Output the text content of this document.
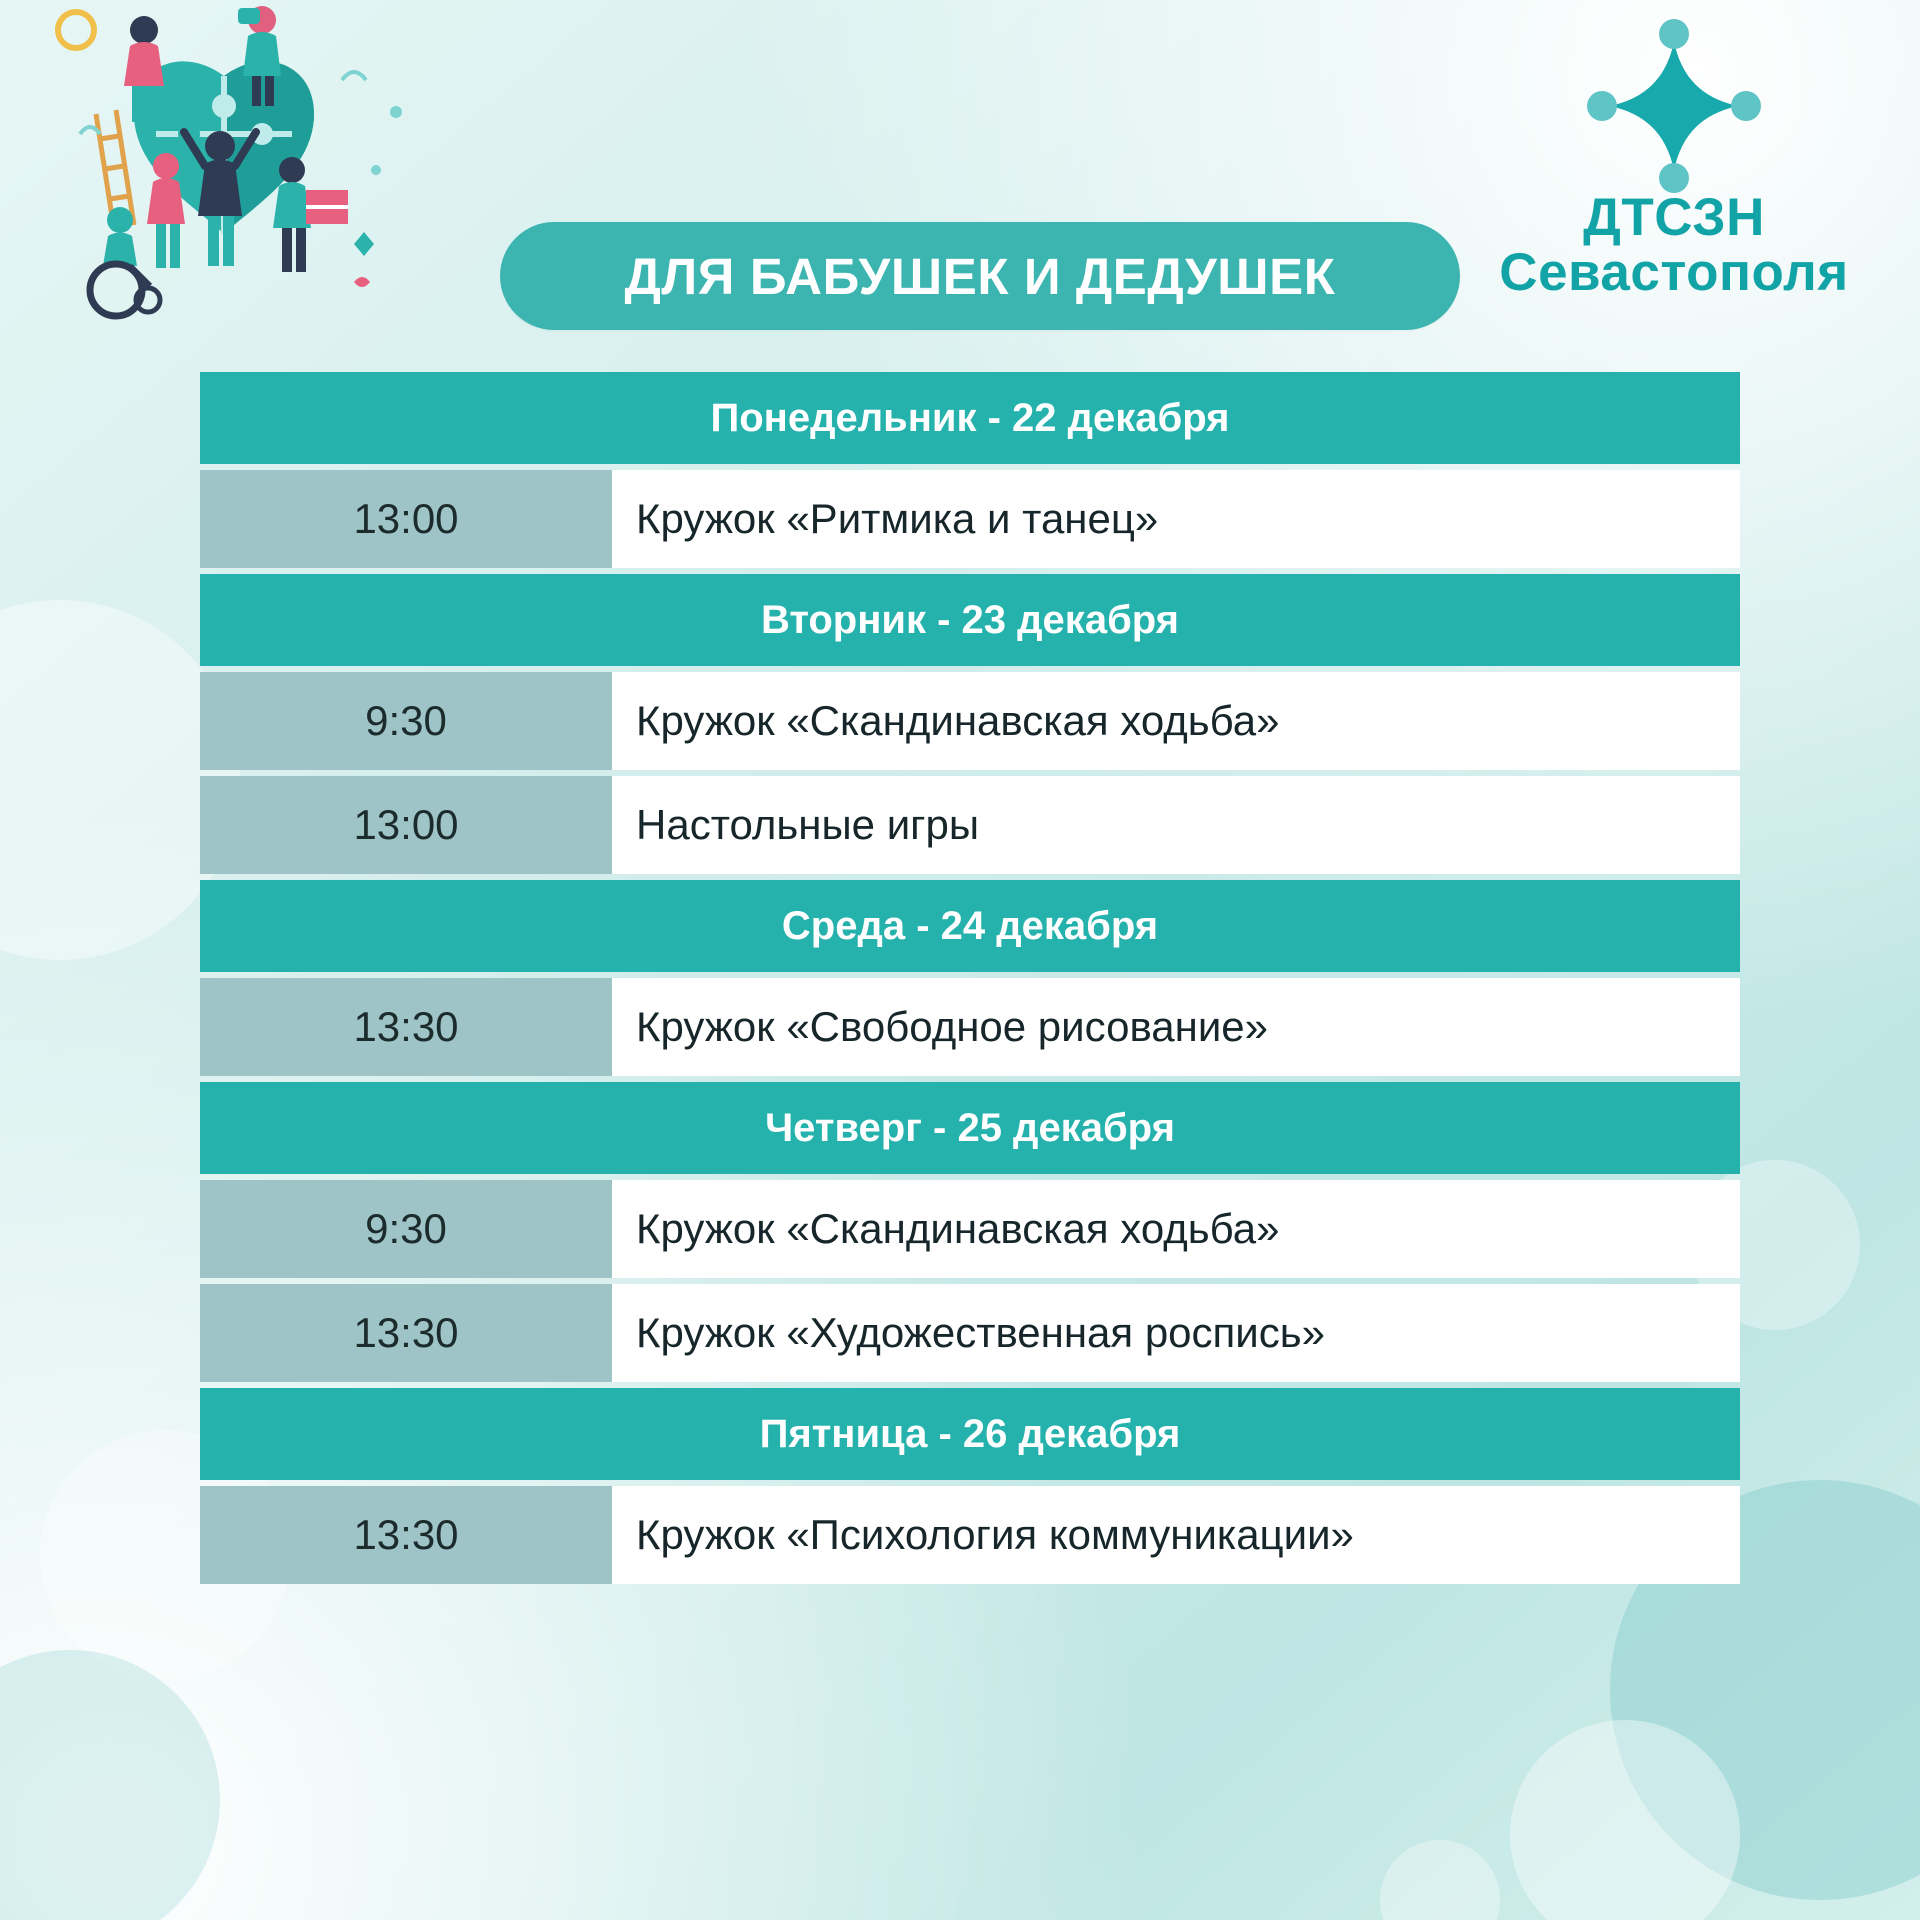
ДТСЗН
Севастополя
ДЛЯ БАБУШЕК И ДЕДУШЕК
Понедельник - 22 декабря
13:00	Кружок «Ритмика и танец»
Вторник - 23 декабря
9:30	Кружок «Скандинавская ходьба»
13:00	Настольные игры
Среда - 24 декабря
13:30	Кружок «Свободное рисование»
Четверг - 25 декабря
9:30	Кружок «Скандинавская ходьба»
13:30	Кружок «Художественная роспись»
Пятница - 26 декабря
13:30	Кружок «Психология коммуникации»
